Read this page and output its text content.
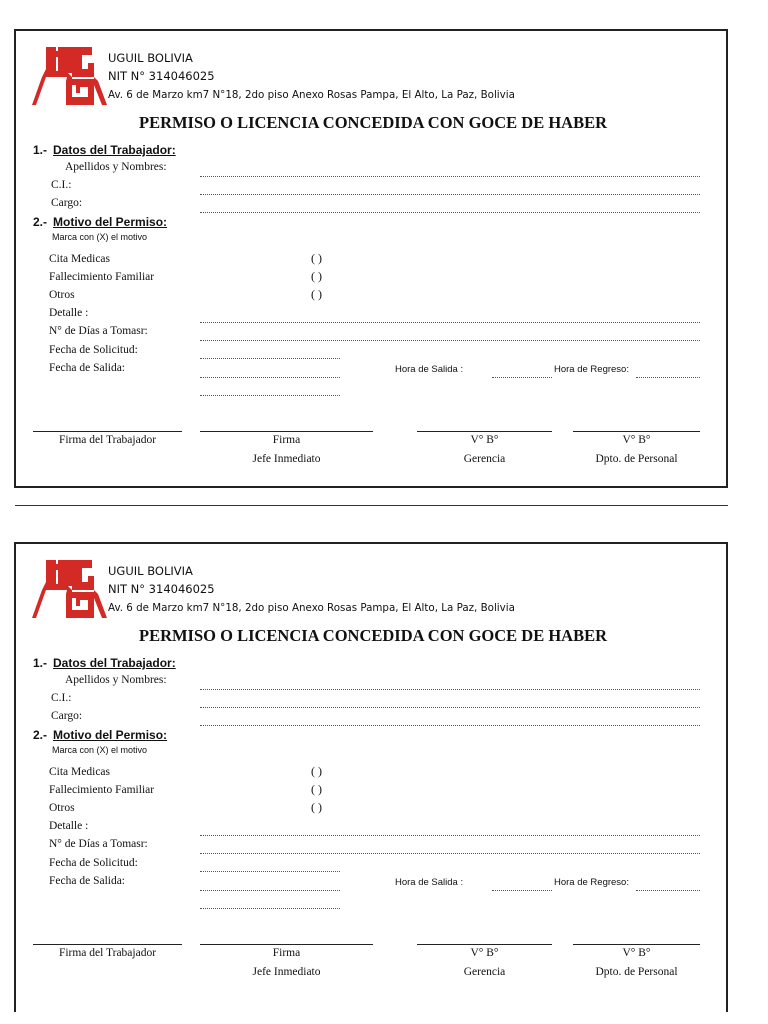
UGUIL BOLIVIA
NIT N° 314046025
Av. 6 de Marzo km7 N°18, 2do piso Anexo Rosas Pampa, El Alto, La Paz, Bolivia
PERMISO O LICENCIA CONCEDIDA CON GOCE DE HABER
1.- Datos del Trabajador:
Apellidos y Nombres:
C.I.:
Cargo:
2.- Motivo del Permiso:
Marca con (X) el motivo
Cita Medicas	( )
Fallecimiento Familiar	( )
Otros	( )
Detalle :
N° de Días a Tomasr:
Fecha de Solicitud:
Fecha de Salida:	Hora de Salida :	Hora de Regreso:
Firma del Trabajador	Firma
Jefe Inmediato
V° B°
Gerencia
V° B°
Dpto. de Personal
UGUIL BOLIVIA
NIT N° 314046025
Av. 6 de Marzo km7 N°18, 2do piso Anexo Rosas Pampa, El Alto, La Paz, Bolivia
PERMISO O LICENCIA CONCEDIDA CON GOCE DE HABER
1.- Datos del Trabajador:
Apellidos y Nombres:
C.I.:
Cargo:
2.- Motivo del Permiso:
Marca con (X) el motivo
Cita Medicas	( )
Fallecimiento Familiar	( )
Otros	( )
Detalle :
N° de Días a Tomasr:
Fecha de Solicitud:
Fecha de Salida:	Hora de Salida :	Hora de Regreso:
Firma del Trabajador	Firma
Jefe Inmediato
V° B°
Gerencia
V° B°
Dpto. de Personal
